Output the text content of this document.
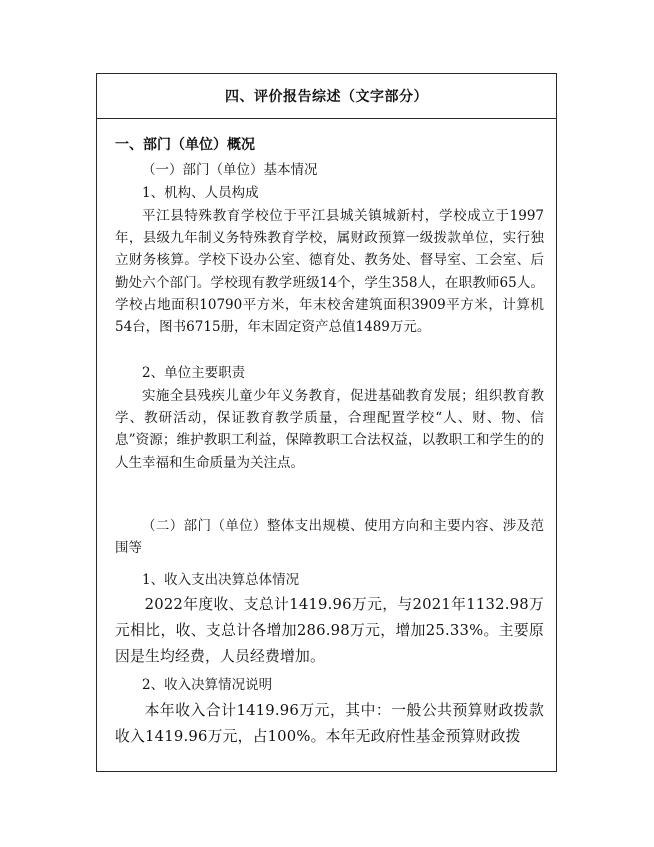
四、评价报告综述（文字部分）
一、部门（单位）概况
（一）部门（单位）基本情况
1、机构、人员构成
平江县特殊教育学校位于平江县城关镇城新村，学校成立于1997年，县级九年制义务特殊教育学校，属财政预算一级拨款单位，实行独立财务核算。学校下设办公室、德育处、教务处、督导室、工会室、后勤处六个部门。学校现有教学班级14个，学生358人，在职教师65人。学校占地面积10790平方米，年末校舍建筑面积3909平方米，计算机54台，图书6715册，年末固定资产总值1489万元。
2、单位主要职责
实施全县残疾儿童少年义务教育，促进基础教育发展；组织教育教学、教研活动，保证教育教学质量，合理配置学校“人、财、物、信息”资源；维护教职工利益，保障教职工合法权益，以教职工和学生的的人生幸福和生命质量为关注点。
（二）部门（单位）整体支出规模、使用方向和主要内容、涉及范围等
1、收入支出决算总体情况
2022年度收、支总计1419.96万元，与2021年1132.98万元相比，收、支总计各增加286.98万元，增加25.33%。主要原因是生均经费，人员经费增加。
2、收入决算情况说明
本年收入合计1419.96万元，其中：一般公共预算财政拨款收入1419.96万元，占100%。本年无政府性基金预算财政拨
